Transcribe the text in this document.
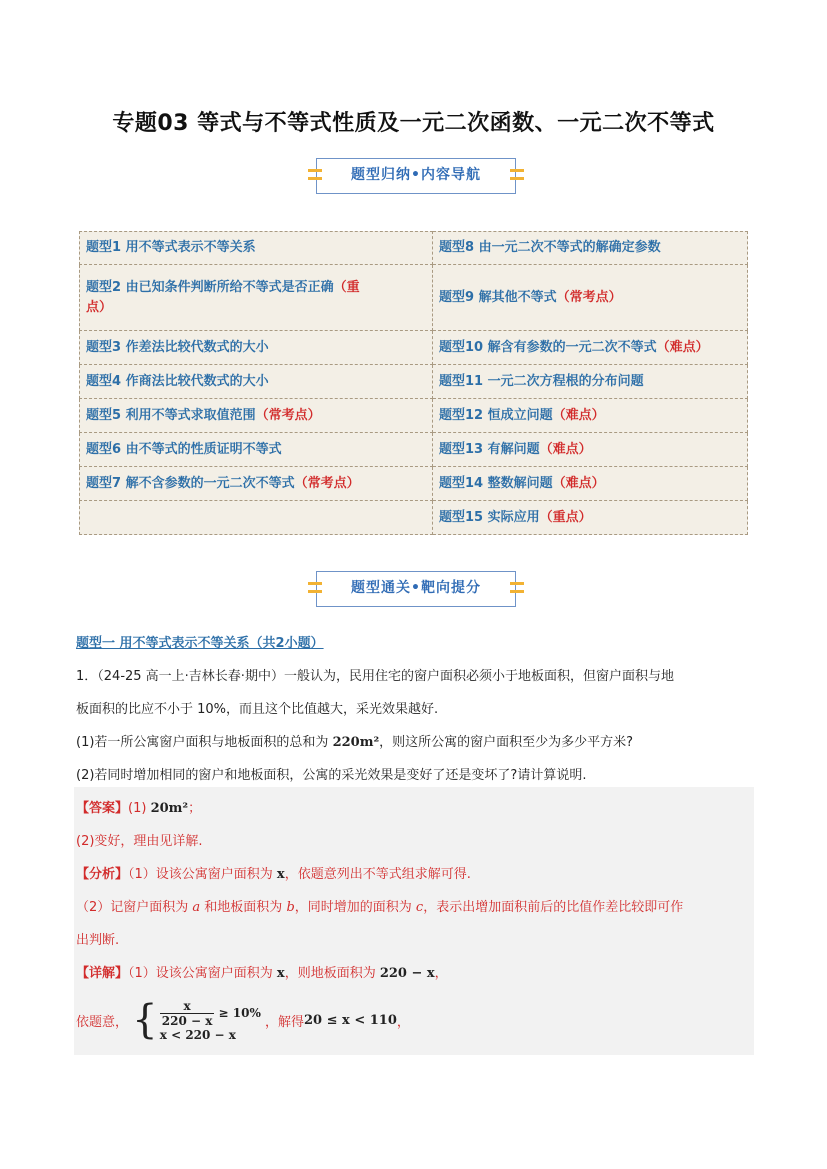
专题03 等式与不等式性质及一元二次函数、一元二次不等式
题型归纳•内容导航
题型1 用不等式表示不等关系	题型8 由一元二次不等式的解确定参数
题型2 由已知条件判断所给不等式是否正确（重
点）	题型9 解其他不等式（常考点）
题型3 作差法比较代数式的大小	题型10 解含有参数的一元二次不等式（难点）
题型4 作商法比较代数式的大小	题型11 一元二次方程根的分布问题
题型5 利用不等式求取值范围（常考点）	题型12 恒成立问题（难点）
题型6 由不等式的性质证明不等式	题型13 有解问题（难点）
题型7 解不含参数的一元二次不等式（常考点）	题型14 整数解问题（难点）
	题型15 实际应用（重点）
题型通关•靶向提分
题型一 用不等式表示不等关系（共2小题）
1．（24-25 高一上·吉林长春·期中）一般认为，民用住宅的窗户面积必须小于地板面积，但窗户面积与地
板面积的比应不小于 10%，而且这个比值越大，采光效果越好.
(1)若一所公寓窗户面积与地板面积的总和为 220m²，则这所公寓的窗户面积至少为多少平方米?
(2)若同时增加相同的窗户和地板面积，公寓的采光效果是变好了还是变坏了?请计算说明.
【答案】(1) 20m²；
(2)变好，理由见详解.
【分析】（1）设该公寓窗户面积为 x，依题意列出不等式组求解可得.
（2）记窗户面积为 a 和地板面积为 b，同时增加的面积为 c，表示出增加面积前后的比值作差比较即可作
出判断.
【详解】（1）设该公寓窗户面积为 x，则地板面积为 220 − x，
依题意， { $\frac{x}{220 - x} \ge 10\%$
x < 220 − x
，解得20 ≤ x < 110，
